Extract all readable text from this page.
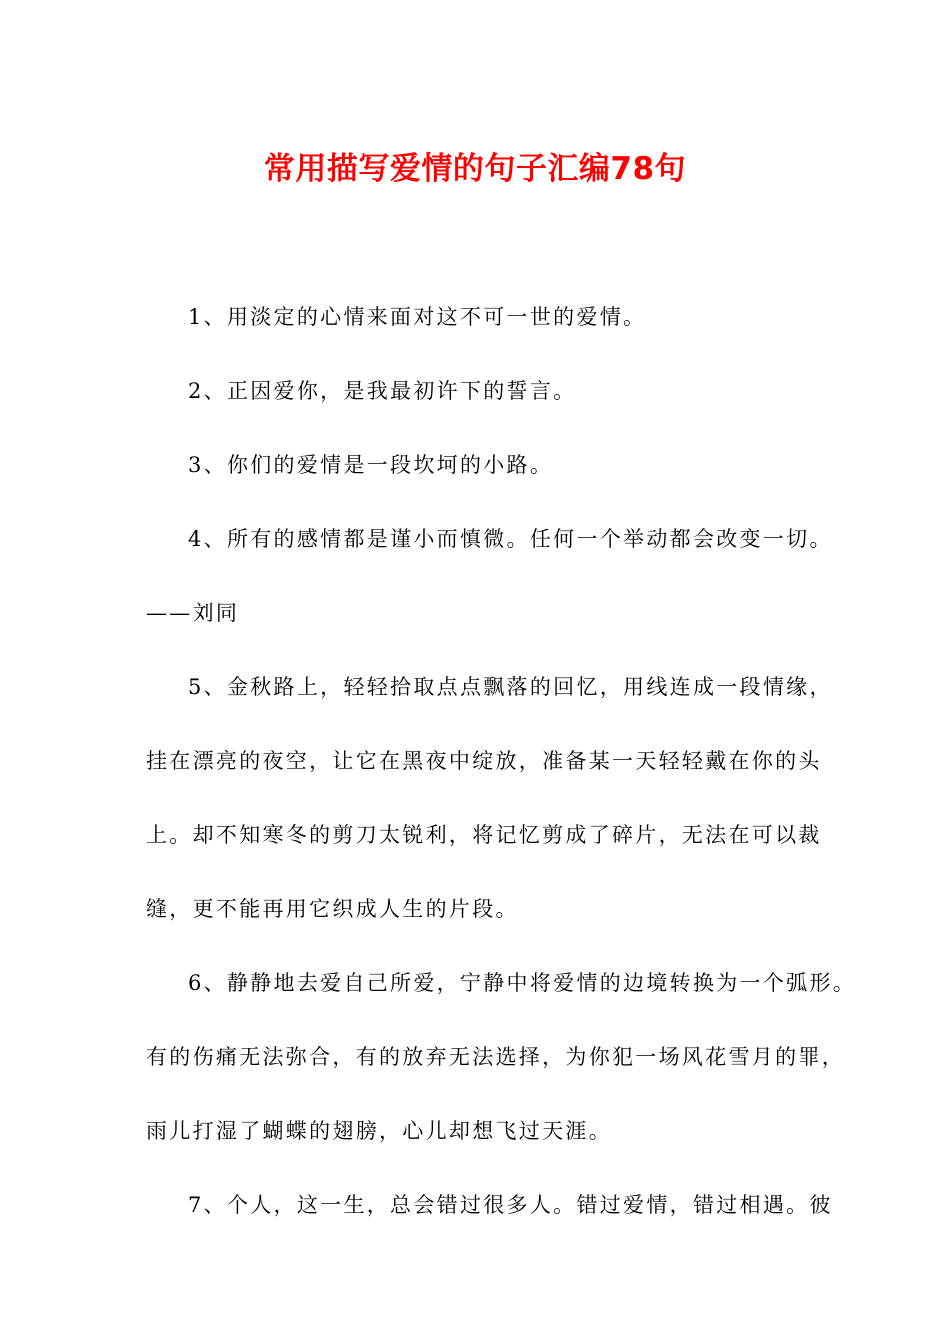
常用描写爱情的句子汇编78句
1、用淡定的心情来面对这不可一世的爱情。
2、正因爱你，是我最初许下的誓言。
3、你们的爱情是一段坎坷的小路。
4、所有的感情都是谨小而慎微。任何一个举动都会改变一切。
——刘同
5、金秋路上，轻轻拾取点点飘落的回忆，用线连成一段情缘，
挂在漂亮的夜空，让它在黑夜中绽放，准备某一天轻轻戴在你的头
上。却不知寒冬的剪刀太锐利，将记忆剪成了碎片，无法在可以裁
缝，更不能再用它织成人生的片段。
6、静静地去爱自己所爱，宁静中将爱情的边境转换为一个弧形。
有的伤痛无法弥合，有的放弃无法选择，为你犯一场风花雪月的罪，
雨儿打湿了蝴蝶的翅膀，心儿却想飞过天涯。
7、个人，这一生，总会错过很多人。错过爱情，错过相遇。彼
